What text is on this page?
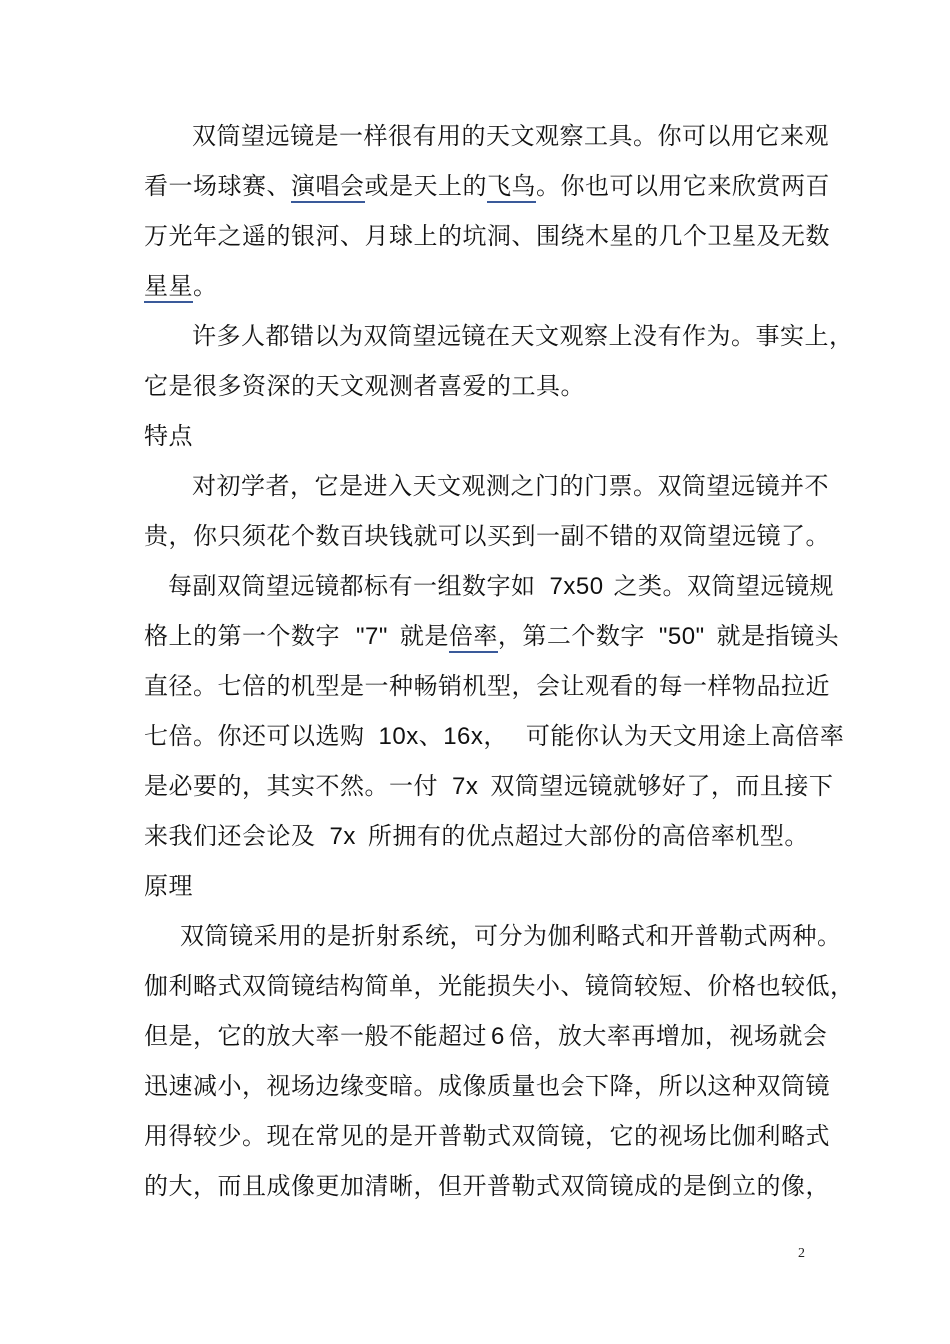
双筒望远镜是一样很有用的天文观察工具。你可以用它来观
看一场球赛、演唱会或是天上的飞鸟。你也可以用它来欣赏两百
万光年之遥的银河、月球上的坑洞、围绕木星的几个卫星及无数
星星。
许多人都错以为双筒望远镜在天文观察上没有作为。事实上，
它是很多资深的天文观测者喜爱的工具。
特点
对初学者，它是进入天文观测之门的门票。双筒望远镜并不
贵，你只须花个数百块钱就可以买到一副不错的双筒望远镜了。
每副双筒望远镜都标有一组数字如 7x50 之类。双筒望远镜规
格上的第一个数字 "7" 就是倍率，第二个数字 "50" 就是指镜头
直径。七倍的机型是一种畅销机型，会让观看的每一样物品拉近
七倍。你还可以选购 10x、16x， 可能你认为天文用途上高倍率
是必要的，其实不然。一付 7x 双筒望远镜就够好了，而且接下
来我们还会论及 7x 所拥有的优点超过大部份的高倍率机型。
原理
双筒镜采用的是折射系统，可分为伽利略式和开普勒式两种。
伽利略式双筒镜结构简单，光能损失小、镜筒较短、价格也较低，
但是，它的放大率一般不能超过 6 倍，放大率再增加，视场就会
迅速减小，视场边缘变暗。成像质量也会下降，所以这种双筒镜
用得较少。现在常见的是开普勒式双筒镜，它的视场比伽利略式
的大，而且成像更加清晰，但开普勒式双筒镜成的是倒立的像，
2
